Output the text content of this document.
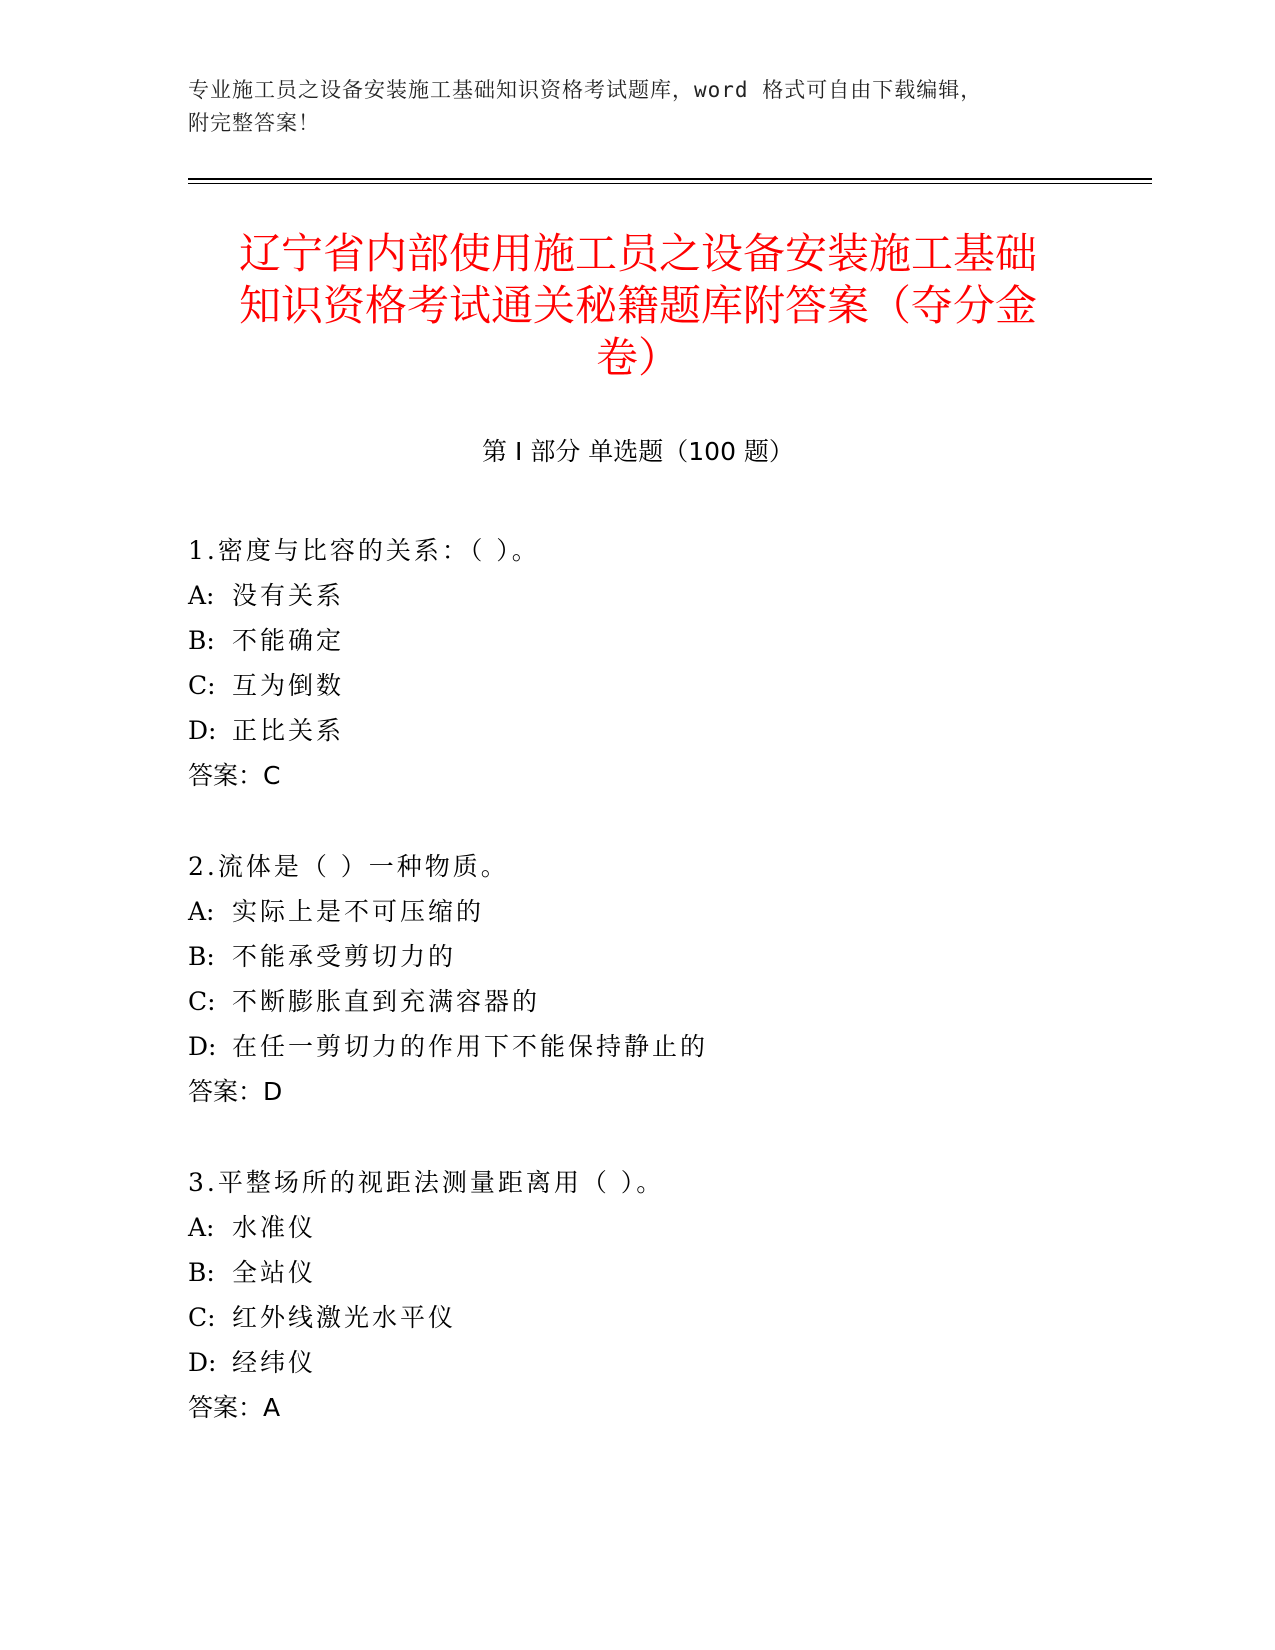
专业施工员之设备安装施工基础知识资格考试题库，word 格式可自由下载编辑，
附完整答案！
辽宁省内部使用施工员之设备安装施工基础
知识资格考试通关秘籍题库附答案（夺分金
卷）
第 I 部分 单选题（100 题）
1.密度与比容的关系：（ ）。
A: 没有关系
B: 不能确定
C: 互为倒数
D: 正比关系
答案：C
2.流体是（ ）一种物质。
A: 实际上是不可压缩的
B: 不能承受剪切力的
C: 不断膨胀直到充满容器的
D: 在任一剪切力的作用下不能保持静止的
答案：D
3.平整场所的视距法测量距离用（ ）。
A: 水准仪
B: 全站仪
C: 红外线激光水平仪
D: 经纬仪
答案：A
